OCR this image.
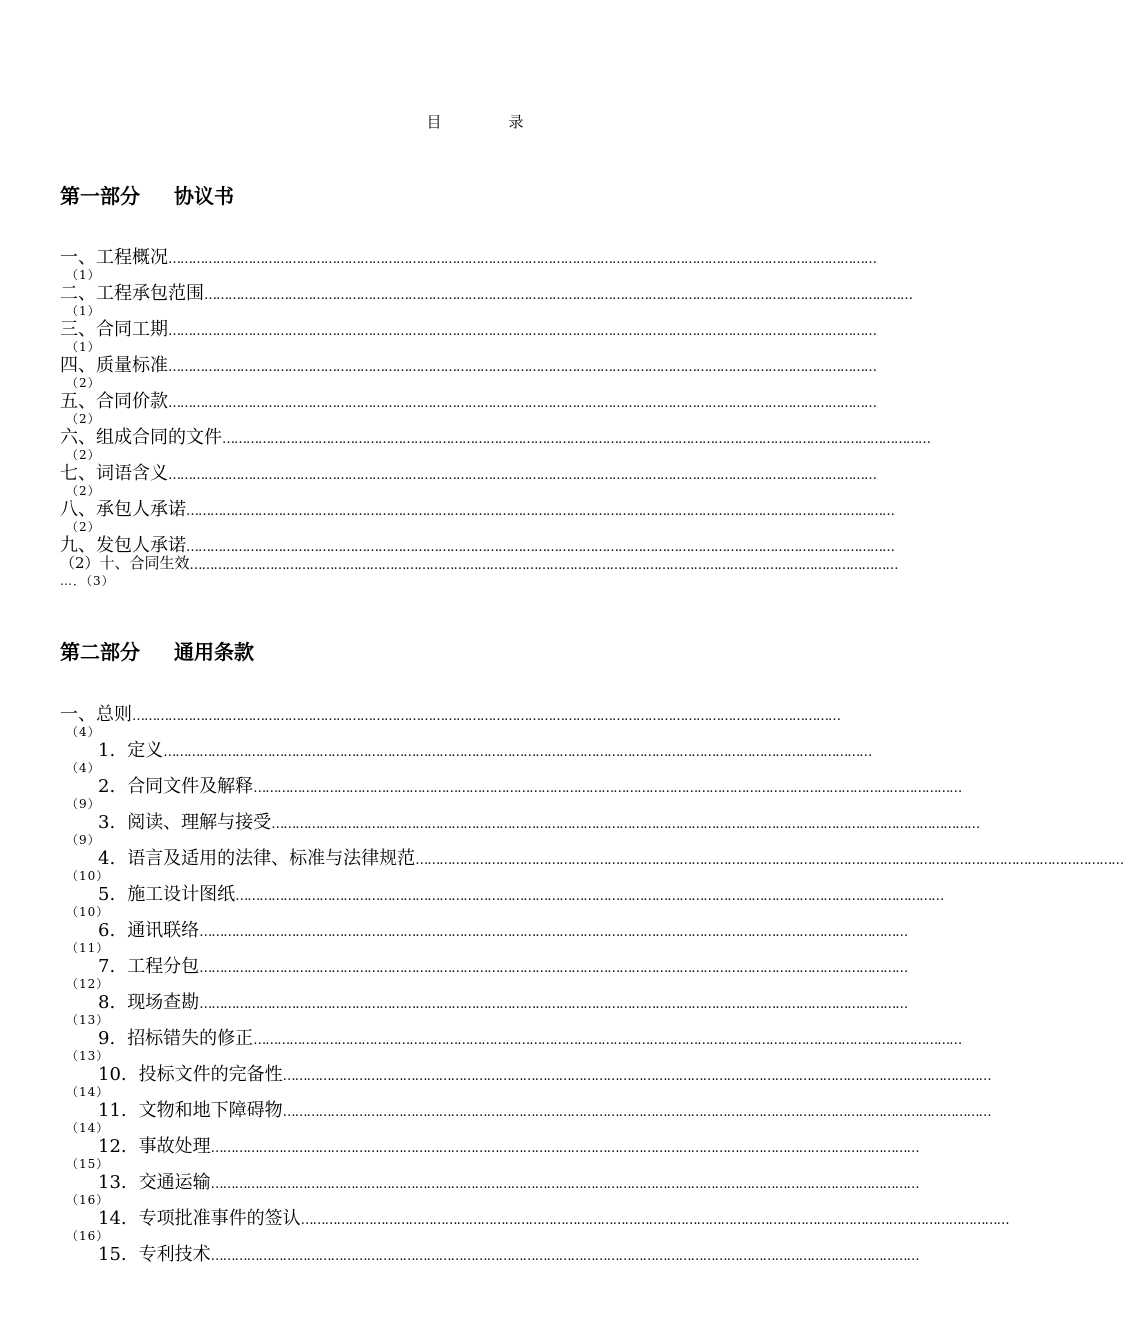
目　录
第一部分 协议书
一、工程概况 ……………………………………………………………………………………………………………………………………………………………
（1）
二、工程承包范围 ……………………………………………………………………………………………………………………………………………………………
（1）
三、合同工期 ……………………………………………………………………………………………………………………………………………………………
（1）
四、质量标准 ……………………………………………………………………………………………………………………………………………………………
（2）
五、合同价款 ……………………………………………………………………………………………………………………………………………………………
（2）
六、组成合同的文件 ……………………………………………………………………………………………………………………………………………………………
（2）
七、词语含义 ……………………………………………………………………………………………………………………………………………………………
（2）
八、承包人承诺 ……………………………………………………………………………………………………………………………………………………………
（2）
九、发包人承诺 ……………………………………………………………………………………………………………………………………………………………
（2）十、合同生效 ……………………………………………………………………………………………………………………………………………………………
…．（3）
第二部分 通用条款
一、总则 ……………………………………………………………………………………………………………………………………………………………
（4）
1. 定义 ……………………………………………………………………………………………………………………………………………………………
（4）
2. 合同文件及解释 ……………………………………………………………………………………………………………………………………………………………
（9）
3. 阅读、理解与接受 ……………………………………………………………………………………………………………………………………………………………
（9）
4. 语言及适用的法律、标准与法律规范 ……………………………………………………………………………………………………………………………………………………………
（10）
5. 施工设计图纸 ……………………………………………………………………………………………………………………………………………………………
（10）
6. 通讯联络 ……………………………………………………………………………………………………………………………………………………………
（11）
7. 工程分包 ……………………………………………………………………………………………………………………………………………………………
（12）
8. 现场查勘 ……………………………………………………………………………………………………………………………………………………………
（13）
9. 招标错失的修正 ……………………………………………………………………………………………………………………………………………………………
（13）
10. 投标文件的完备性 ……………………………………………………………………………………………………………………………………………………………
（14）
11. 文物和地下障碍物 ……………………………………………………………………………………………………………………………………………………………
（14）
12. 事故处理 ……………………………………………………………………………………………………………………………………………………………
（15）
13. 交通运输 ……………………………………………………………………………………………………………………………………………………………
（16）
14. 专项批准事件的签认 ……………………………………………………………………………………………………………………………………………………………
（16）
15. 专利技术 ……………………………………………………………………………………………………………………………………………………………
